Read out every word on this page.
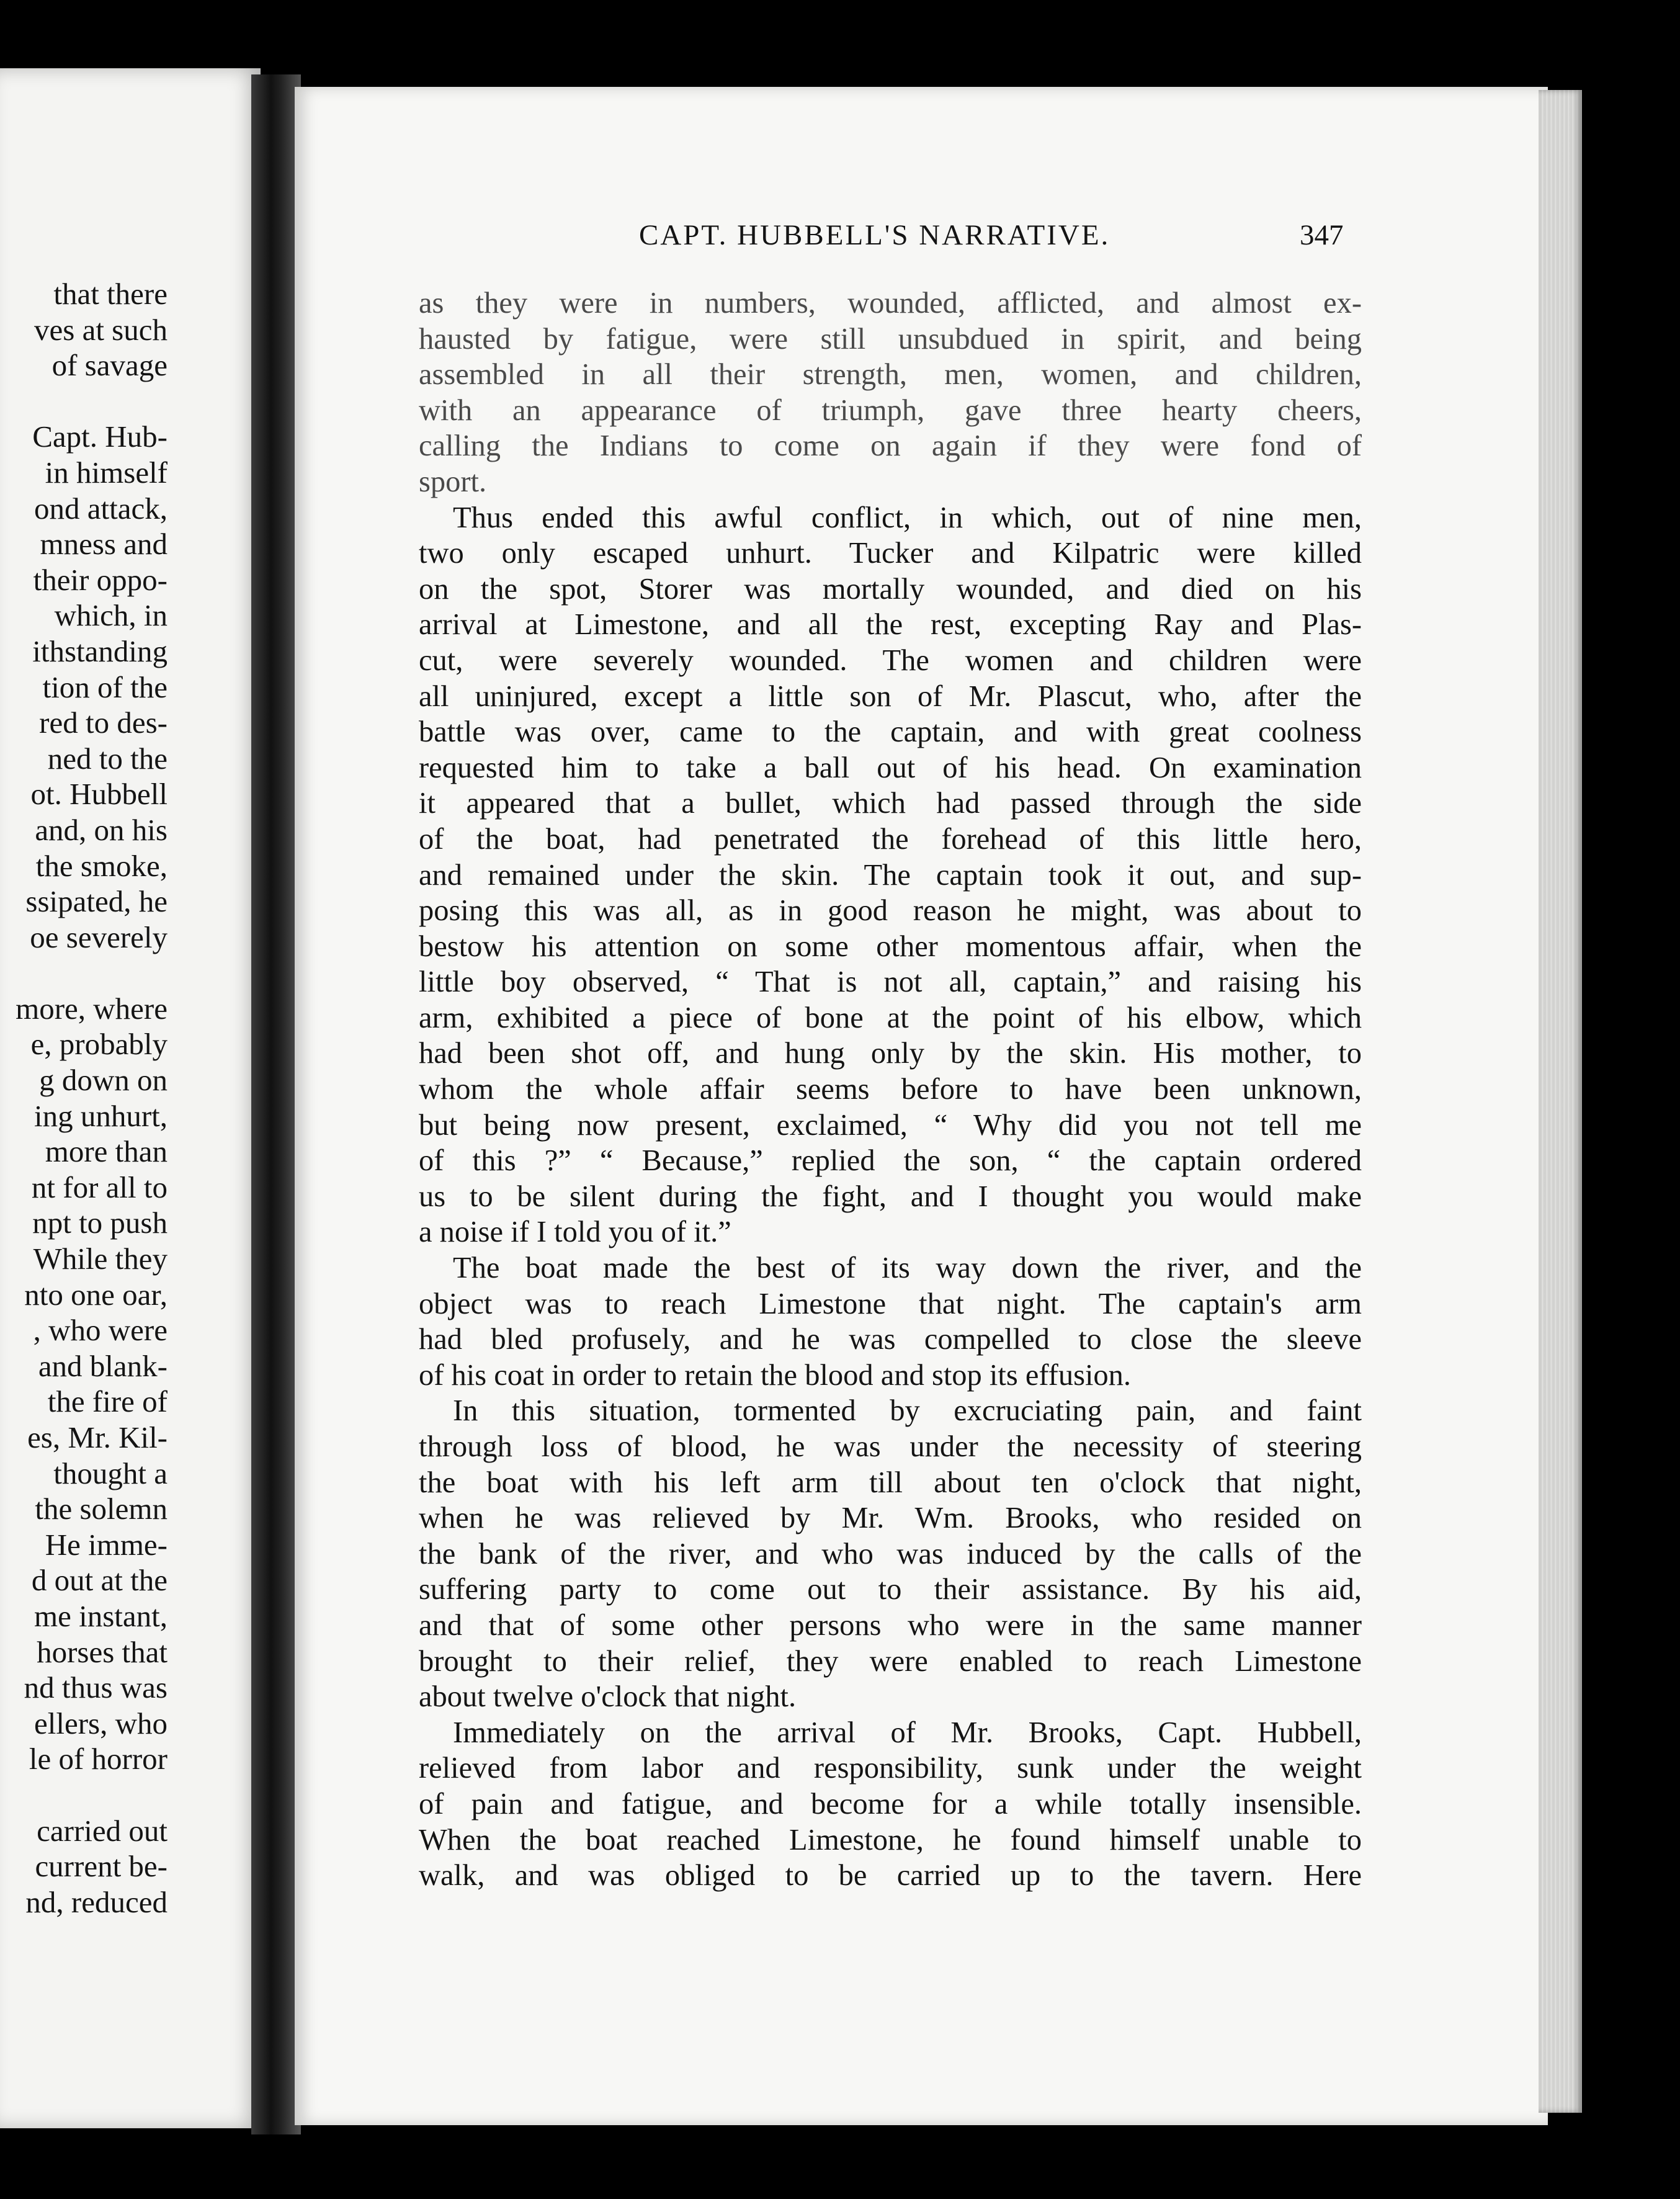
that there
ves at such
of savage
Capt. Hub-
in himself
ond attack,
mness and
their oppo-
which, in
ithstanding
tion of the
red to des-
ned to the
ot. Hubbell
and, on his
the smoke,
ssipated, he
oe severely
more, where
e, probably
g down on
ing unhurt,
more than
nt for all to
npt to push
While they
nto one oar,
, who were
and blank-
the fire of
es, Mr. Kil-
thought a
the solemn
He imme-
d out at the
me instant,
horses that
nd thus was
ellers, who
le of horror
carried out
current be-
nd, reduced
CAPT. HUBBELL'S NARRATIVE.	347
as they were in numbers, wounded, afflicted, and almost ex-
hausted by fatigue, were still unsubdued in spirit, and being
assembled in all their strength, men, women, and children,
with an appearance of triumph, gave three hearty cheers,
calling the Indians to come on again if they were fond of
sport.
Thus ended this awful conflict, in which, out of nine men,
two only escaped unhurt. Tucker and Kilpatric were killed
on the spot, Storer was mortally wounded, and died on his
arrival at Limestone, and all the rest, excepting Ray and Plas-
cut, were severely wounded. The women and children were
all uninjured, except a little son of Mr. Plascut, who, after the
battle was over, came to the captain, and with great coolness
requested him to take a ball out of his head. On examination
it appeared that a bullet, which had passed through the side
of the boat, had penetrated the forehead of this little hero,
and remained under the skin. The captain took it out, and sup-
posing this was all, as in good reason he might, was about to
bestow his attention on some other momentous affair, when the
little boy observed, “ That is not all, captain,” and raising his
arm, exhibited a piece of bone at the point of his elbow, which
had been shot off, and hung only by the skin. His mother, to
whom the whole affair seems before to have been unknown,
but being now present, exclaimed, “ Why did you not tell me
of this ?” “ Because,” replied the son, “ the captain ordered
us to be silent during the fight, and I thought you would make
a noise if I told you of it.”
The boat made the best of its way down the river, and the
object was to reach Limestone that night. The captain's arm
had bled profusely, and he was compelled to close the sleeve
of his coat in order to retain the blood and stop its effusion.
In this situation, tormented by excruciating pain, and faint
through loss of blood, he was under the necessity of steering
the boat with his left arm till about ten o'clock that night,
when he was relieved by Mr. Wm. Brooks, who resided on
the bank of the river, and who was induced by the calls of the
suffering party to come out to their assistance. By his aid,
and that of some other persons who were in the same manner
brought to their relief, they were enabled to reach Limestone
about twelve o'clock that night.
Immediately on the arrival of Mr. Brooks, Capt. Hubbell,
relieved from labor and responsibility, sunk under the weight
of pain and fatigue, and become for a while totally insensible.
When the boat reached Limestone, he found himself unable to
walk, and was obliged to be carried up to the tavern. Here
